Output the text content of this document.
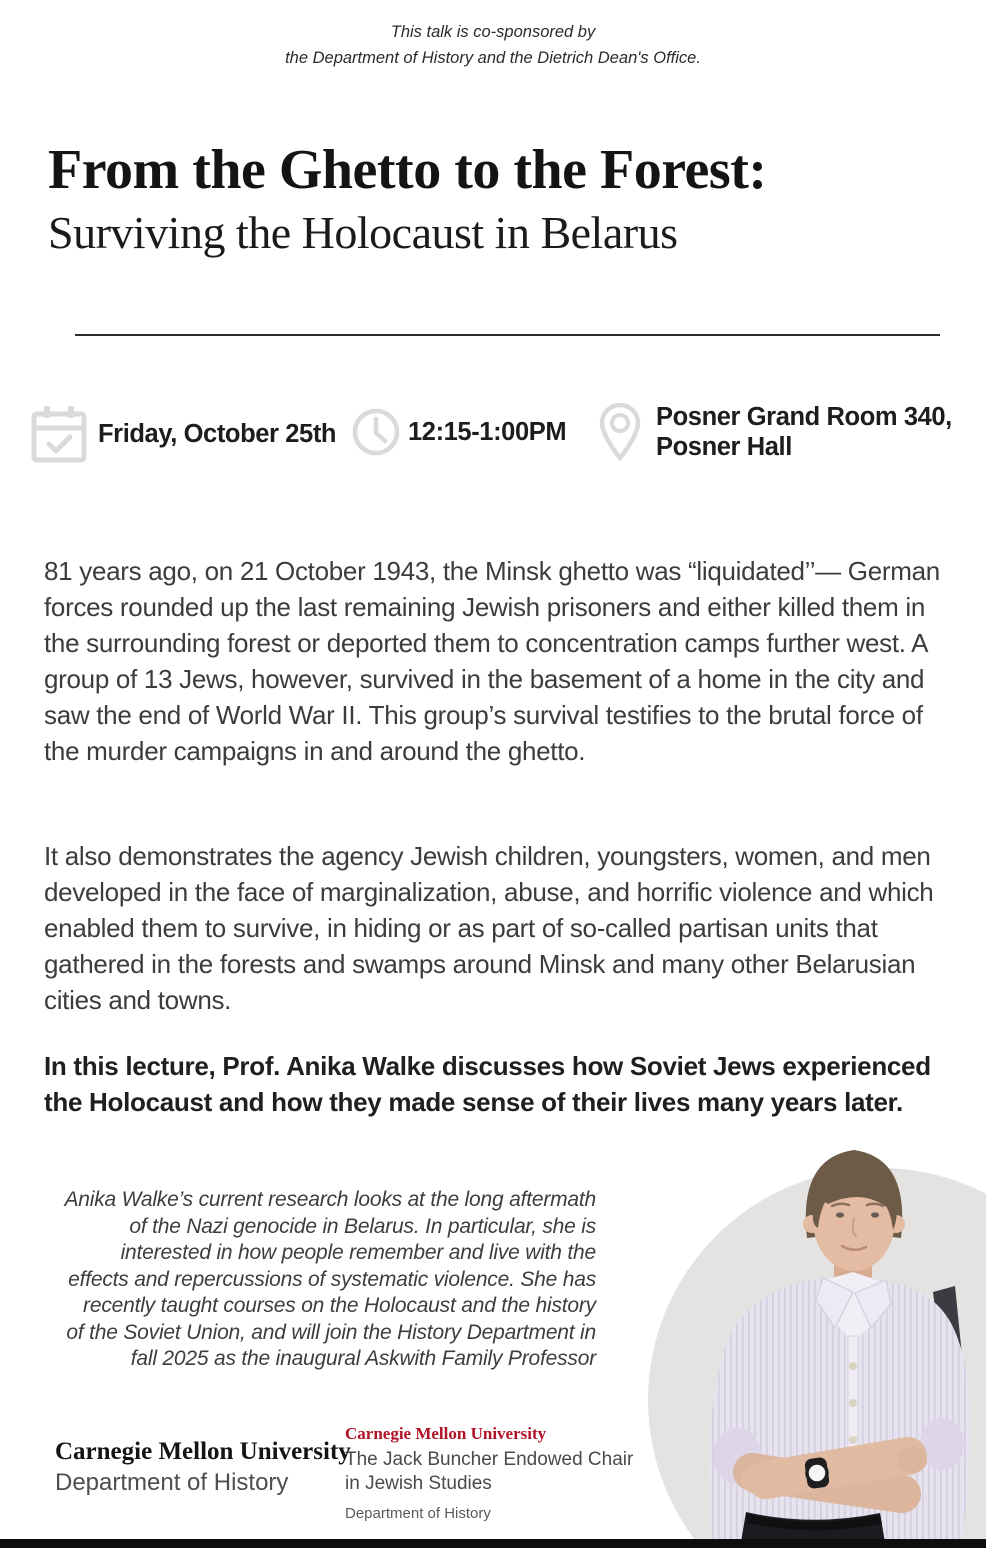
This talk is co-sponsored by
the Department of History and the Dietrich Dean's Office.
From the Ghetto to the Forest:
Surviving the Holocaust in Belarus
Friday, October 25th	12:15-1:00PM
Posner Grand Room 340,
Posner Hall

81 years ago, on 21 October 1943, the Minsk ghetto was “liquidated’’— German forces rounded up the last remaining Jewish prisoners and either killed them in the surrounding forest or deported them to concentration camps further west. A group of 13 Jews, however, survived in the basement of a home in the city and saw the end of World War II. This group’s survival testifies to the brutal force of the murder campaigns in and around the ghetto.

It also demonstrates the agency Jewish children, youngsters, women, and men developed in the face of marginalization, abuse, and horrific violence and which enabled them to survive, in hiding or as part of so-called partisan units that gathered in the forests and swamps around Minsk and many other Belarusian cities and towns.

In this lecture, Prof. Anika Walke discusses how Soviet Jews experienced the Holocaust and how they made sense of their lives many years later.

Anika Walke’s current research looks at the long aftermath of the Nazi genocide in Belarus. In particular, she is interested in how people remember and live with the effects and repercussions of systematic violence. She has recently taught courses on the Holocaust and the history of the Soviet Union, and will join the History Department in fall 2025 as the inaugural Askwith Family Professor
Carnegie Mellon University
Department of History
Carnegie Mellon University
The Jack Buncher Endowed Chair
in Jewish Studies
Department of History
